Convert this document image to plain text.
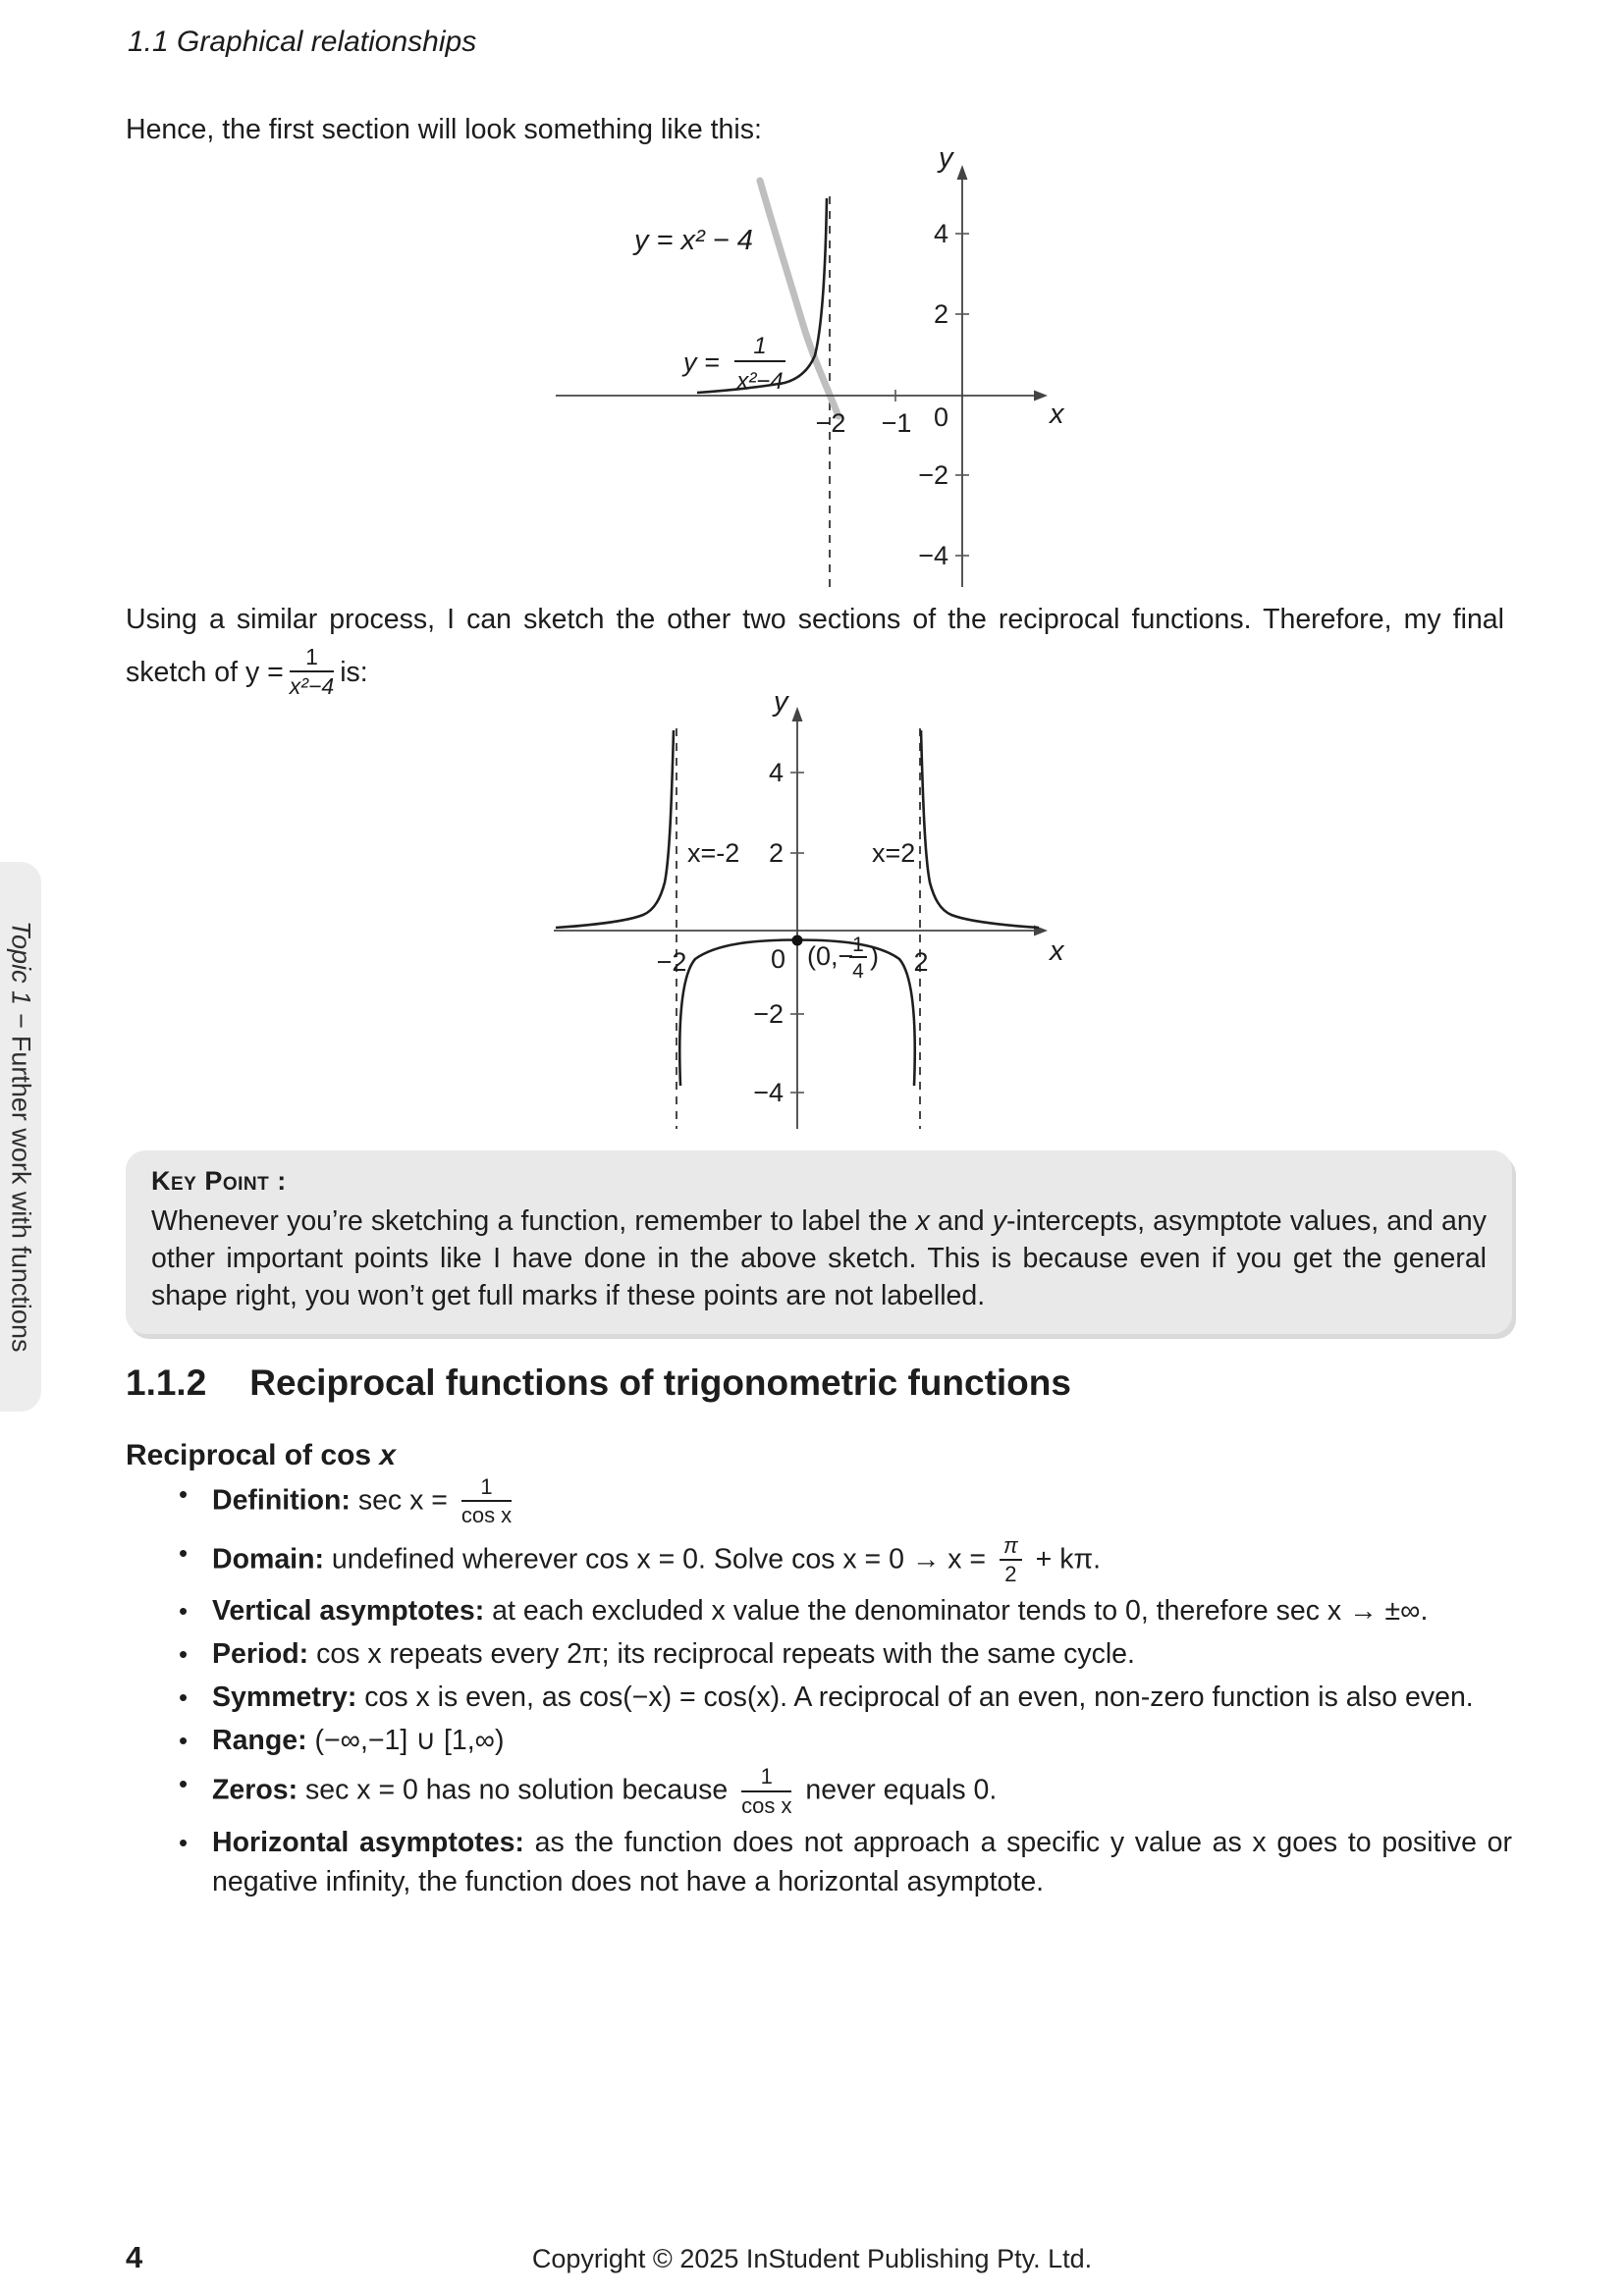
1.1 Graphical relationships
Hence, the first section will look something like this:
y
x
y = x² − 4
y =
1
x²−4
4
2
0
−2
−4
−2 −1
Using a similar process, I can sketch the other two sections of the reciprocal functions. Therefore, my final
sketch of $y = \frac{1}{\text{x²−4}}$ is:
y
x
x=-2	x=2
4
2
−2
−4
−2	0	2
(0,−
1
4
)
Key Point :
Whenever you’re sketching a function, remember to label the x and y-intercepts, asymptote values, and any other important points like I have done in the above sketch. This is because even if you get the general shape right, you won’t get full marks if these points are not labelled.
1.1.2 Reciprocal functions of trigonometric functions
Reciprocal of cos x
• Definition: $\sec x = \frac{1}{\text{cos x}}$
• Domain: undefined wherever cos x = 0. Solve $\cos x = 0 \to x = \frac{\pi}{2} + k\pi$.
• Vertical asymptotes: at each excluded x value the denominator tends to 0, therefore sec x → ±∞.
• Period: cos x repeats every 2π; its reciprocal repeats with the same cycle.
• Symmetry: cos x is even, as cos(−x) = cos(x). A reciprocal of an even, non-zero function is also even.
• Range: (−∞,−1] ∪ [1,∞)
• Zeros: sec x = 0 has no solution because $\frac{1}{\text{cos x}}$ never equals 0.
• Horizontal asymptotes: as the function does not approach a specific y value as x goes to positive or negative infinity, the function does not have a horizontal asymptote.
Topic 1 − Further work with functions
4	Copyright © 2025 InStudent Publishing Pty. Ltd.
